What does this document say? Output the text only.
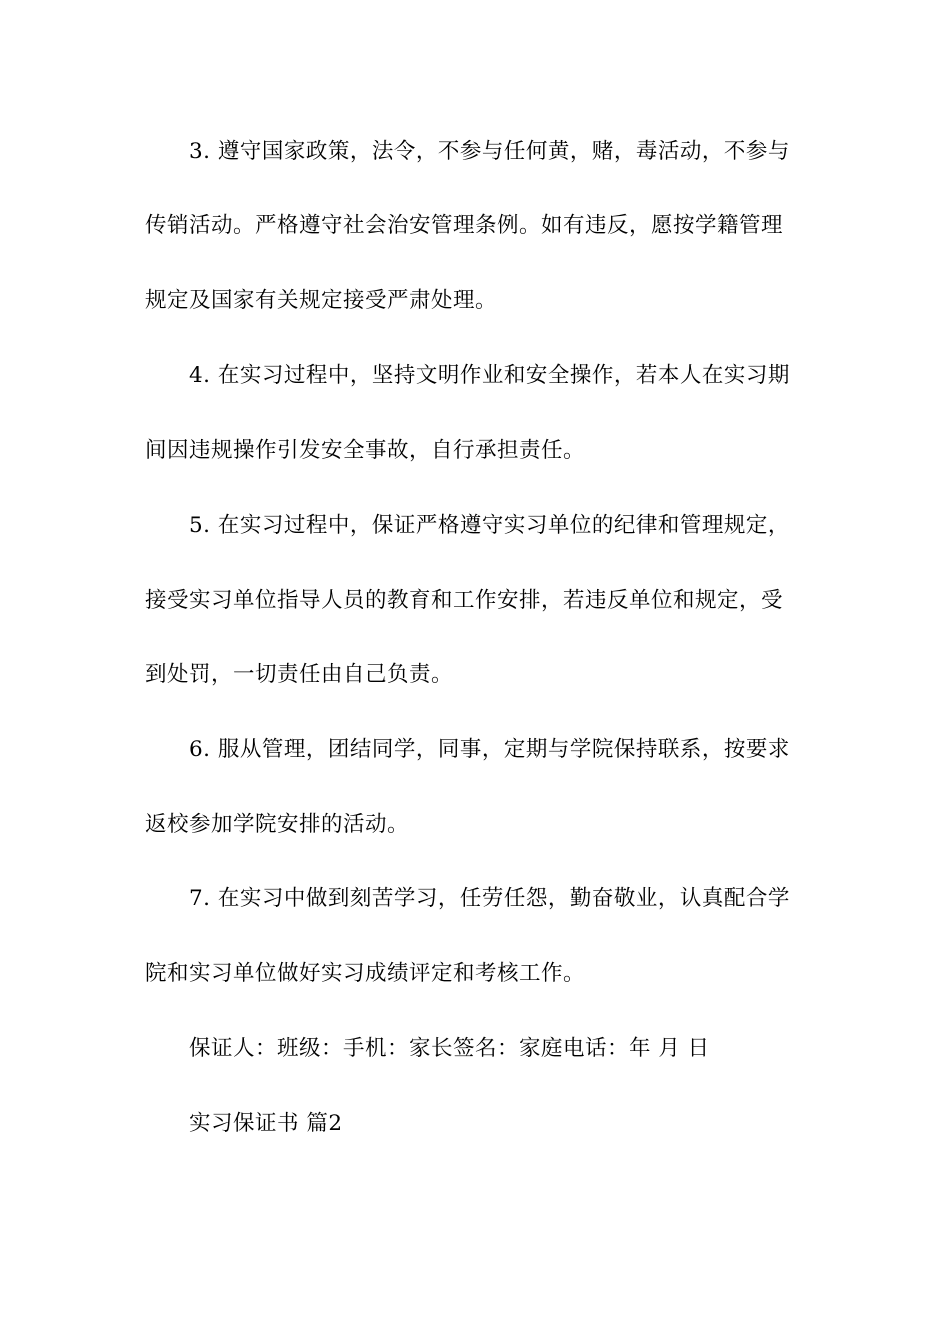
3. 遵守国家政策，法令，不参与任何黄，赌，毒活动，不参与
传销活动。严格遵守社会治安管理条例。如有违反，愿按学籍管理
规定及国家有关规定接受严肃处理。
4. 在实习过程中，坚持文明作业和安全操作，若本人在实习期
间因违规操作引发安全事故，自行承担责任。
5. 在实习过程中，保证严格遵守实习单位的纪律和管理规定，
接受实习单位指导人员的教育和工作安排，若违反单位和规定，受
到处罚，一切责任由自己负责。
6. 服从管理，团结同学，同事，定期与学院保持联系，按要求
返校参加学院安排的活动。
7. 在实习中做到刻苦学习，任劳任怨，勤奋敬业，认真配合学
院和实习单位做好实习成绩评定和考核工作。
保证人：班级：手机：家长签名：家庭电话：年 月 日
实习保证书 篇2
